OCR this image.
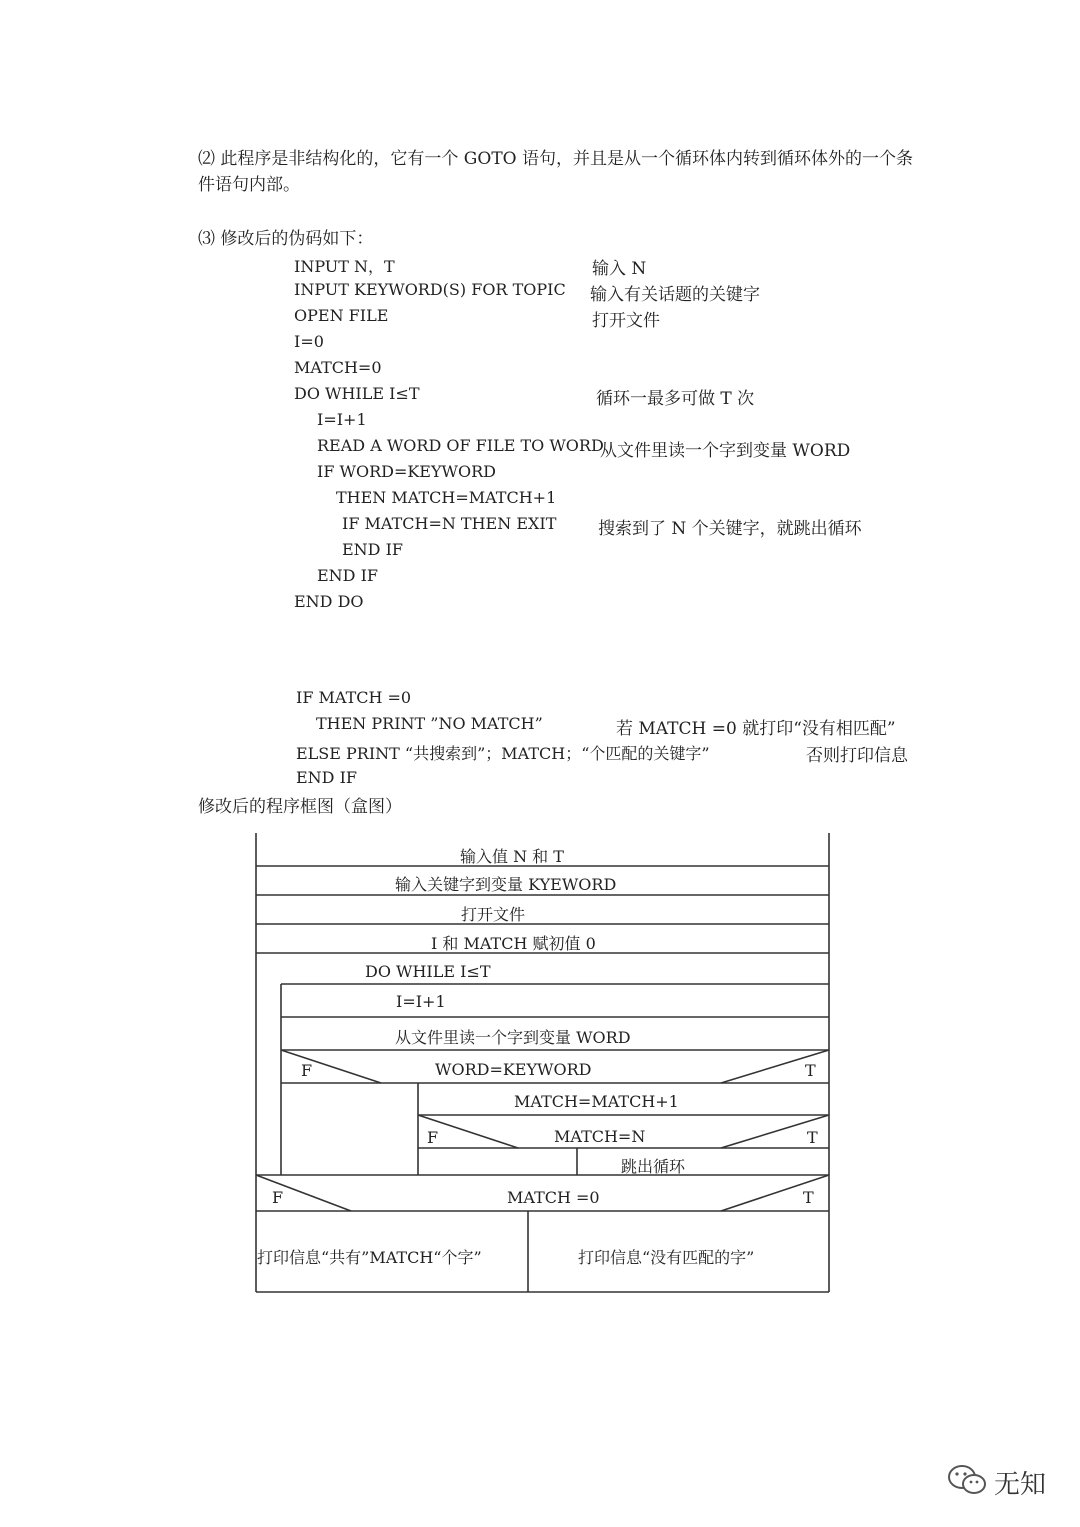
⑵ 此程序是非结构化的，它有一个 GOTO 语句，并且是从一个循环体内转到循环体外的一个条
件语句内部。
⑶ 修改后的伪码如下：
INPUT N，T	输入 N
INPUT KEYWORD(S) FOR TOPIC 输入有关话题的关键字
OPEN FILE	打开文件
I=0
MATCH=0
DO WHILE I≤T	循环一最多可做 T 次
I=I+1
READ A WORD OF FILE TO WORD
从文件里读一个字到变量 WORD
IF WORD=KEYWORD
THEN MATCH=MATCH+1
IF MATCH=N THEN EXIT 搜索到了 N 个关键字，就跳出循环
END IF
END IF
END DO
IF MATCH =0
THEN PRINT ”NO MATCH”	若 MATCH =0 就打印“没有相匹配”
ELSE PRINT “共搜索到”；MATCH；“个匹配的关键字”	否则打印信息
END IF
修改后的程序框图（盒图）
输入值 N 和 T
输入关键字到变量 KYEWORD
打开文件
I 和 MATCH 赋初值 0
DO WHILE I≤T
I=I+1
从文件里读一个字到变量 WORD
F	WORD=KEYWORD	T
MATCH=MATCH+1
F	MATCH=N	T
跳出循环
F	MATCH =0	T
打印信息“共有”MATCH“个字”	打印信息“没有匹配的字”
无知
